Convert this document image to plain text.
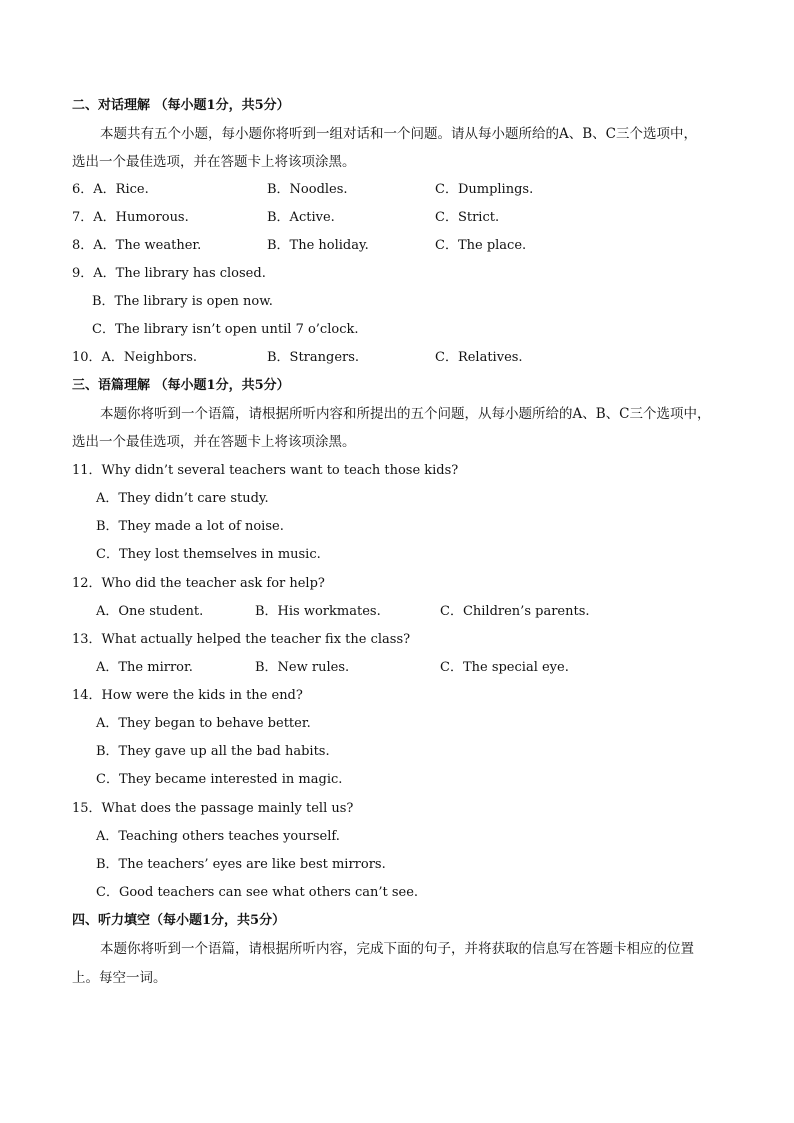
二、对话理解 （每小题1分，共5分）
本题共有五个小题，每小题你将听到一组对话和一个问题。请从每小题所给的A、B、C三个选项中，
选出一个最佳选项，并在答题卡上将该项涂黑。
6．A．Rice.	B．Noodles.	C．Dumplings.
7．A．Humorous.	B．Active.	C．Strict.
8．A．The weather.	B．The holiday.	C．The place.
9．A．The library has closed.
B．The library is open now.
C．The library isn’t open until 7 o’clock.
10．A．Neighbors.	B．Strangers.	C．Relatives.
三、语篇理解 （每小题1分，共5分）
本题你将听到一个语篇，请根据所听内容和所提出的五个问题，从每小题所给的A、B、C三个选项中，
选出一个最佳选项，并在答题卡上将该项涂黑。
11．Why didn’t several teachers want to teach those kids?
A．They didn’t care study.
B．They made a lot of noise.
C．They lost themselves in music.
12．Who did the teacher ask for help?
A．One student.	B．His workmates.	C．Children’s parents.
13．What actually helped the teacher fix the class?
A．The mirror.	B．New rules.	C．The special eye.
14．How were the kids in the end?
A．They began to behave better.
B．They gave up all the bad habits.
C．They became interested in magic.
15．What does the passage mainly tell us?
A．Teaching others teaches yourself.
B．The teachers’ eyes are like best mirrors.
C．Good teachers can see what others can’t see.
四、听力填空（每小题1分，共5分）
本题你将听到一个语篇，请根据所听内容，完成下面的句子，并将获取的信息写在答题卡相应的位置
上。每空一词。
